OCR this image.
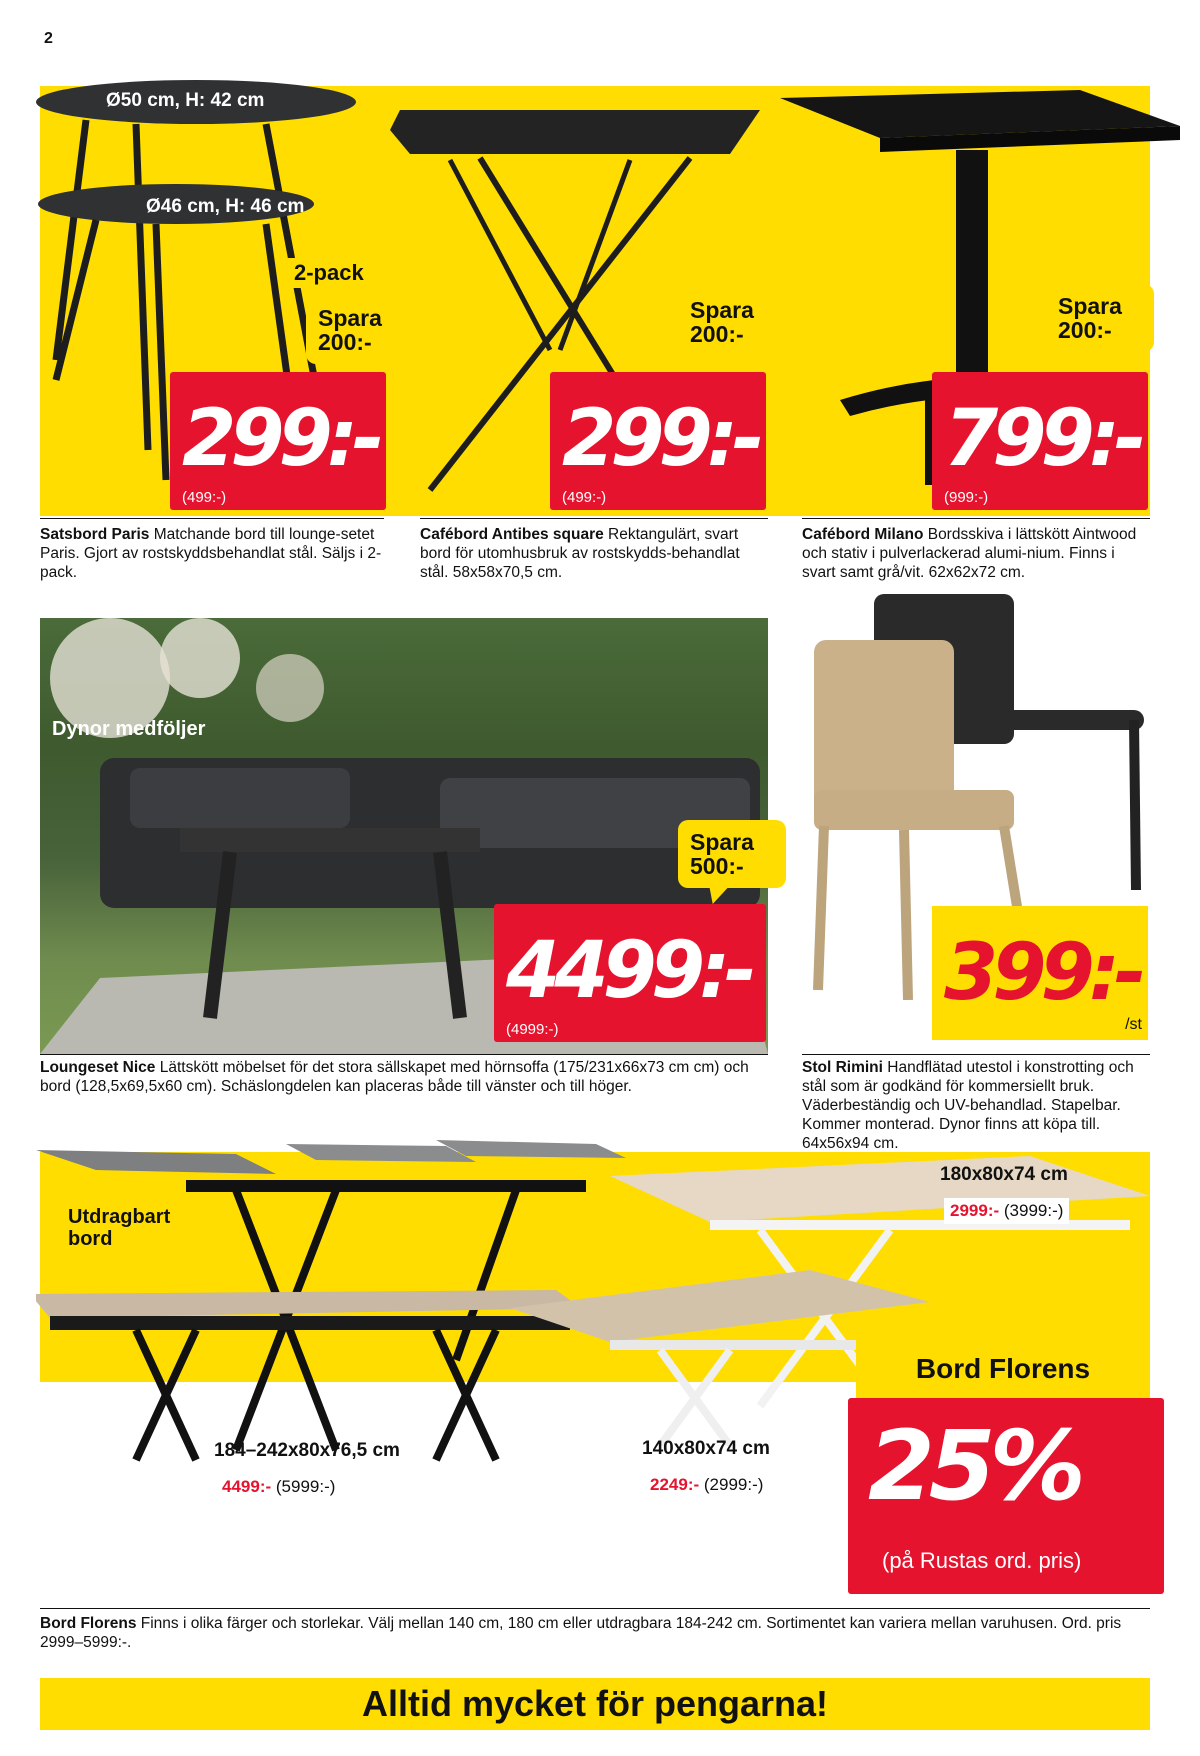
2
Ø50 cm, H: 42 cm
Ø46 cm, H: 46 cm
2-pack
Spara
200:-
299:-
(499:-)
Satsbord Paris Matchande bord till lounge-setet Paris. Gjort av rostskyddsbehandlat stål. Säljs i 2-pack.
Spara
200:-
299:-
(499:-)
Cafébord Antibes square Rektangulärt, svart bord för utomhusbruk av rostskydds-behandlat stål. 58x58x70,5 cm.
Spara
200:-
799:-
(999:-)
Cafébord Milano Bordsskiva i lättskött Aintwood och stativ i pulverlackerad alumi-nium. Finns i svart samt grå/vit. 62x62x72 cm.
Dynor medföljer
Spara
500:-
4499:-
(4999:-)
Loungeset Nice Lättskött möbelset för det stora sällskapet med hörnsoffa (175/231x66x73 cm cm) och bord (128,5x69,5x60 cm). Schäslongdelen kan placeras både till vänster och till höger.
399:-
/st
Stol Rimini Handflätad utestol i konstrotting och stål som är godkänd för kommersiellt bruk. Väderbeständig och UV-behandlad. Stapelbar. Kommer monterad. Dynor finns att köpa till. 64x56x94 cm.
Utdragbart
bord
180x80x74 cm
2999:- (3999:-)
184–242x80x76,5 cm
4499:- (5999:-)
140x80x74 cm
2249:- (2999:-)
Bord Florens
25%
(på Rustas ord. pris)
Bord Florens Finns i olika färger och storlekar. Välj mellan 140 cm, 180 cm eller utdragbara 184-242 cm. Sortimentet kan variera mellan varuhusen. Ord. pris 2999–5999:-.
Alltid mycket för pengarna!
